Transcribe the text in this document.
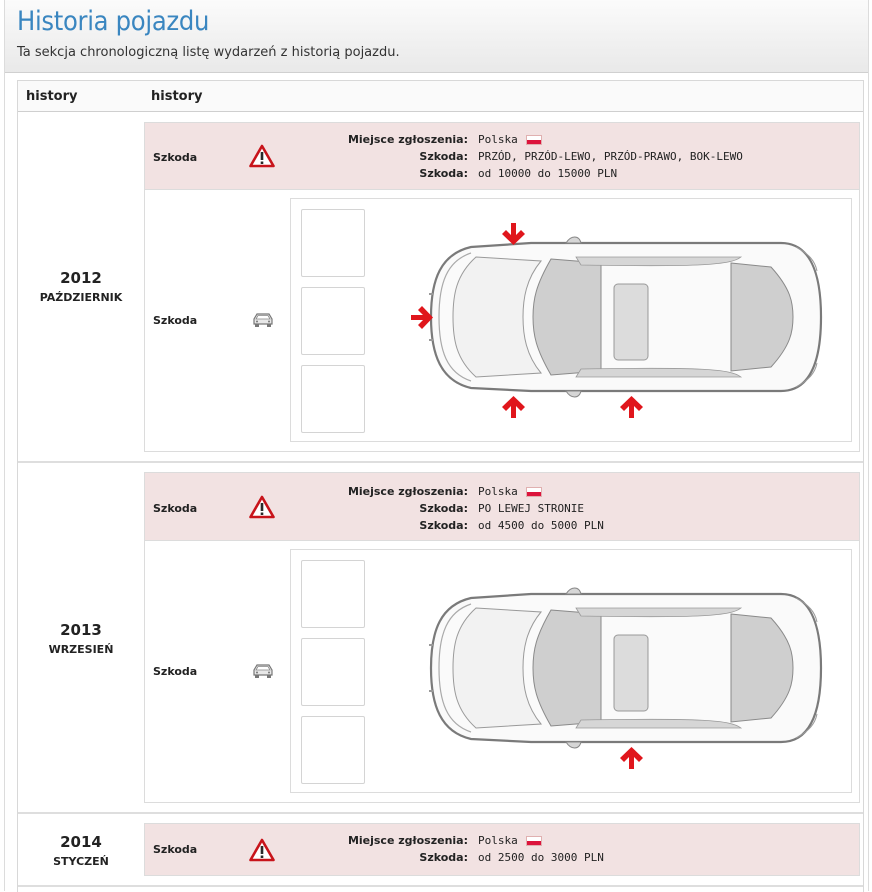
Historia pojazdu
Ta sekcja chronologiczną listę wydarzeń z historią pojazdu.
history	history
2012
PAŹDZIERNIK
Szkoda
Miejsce zgłoszenia: Polska
Szkoda: PRZÓD, PRZÓD-LEWO, PRZÓD-PRAWO, BOK-LEWO
Szkoda: od 10000 do 15000 PLN
Szkoda
2013
WRZESIEŃ
Szkoda
Miejsce zgłoszenia: Polska
Szkoda: PO LEWEJ STRONIE
Szkoda: od 4500 do 5000 PLN
Szkoda
2014
STYCZEŃ
Szkoda
Miejsce zgłoszenia: Polska
Szkoda: od 2500 do 3000 PLN
